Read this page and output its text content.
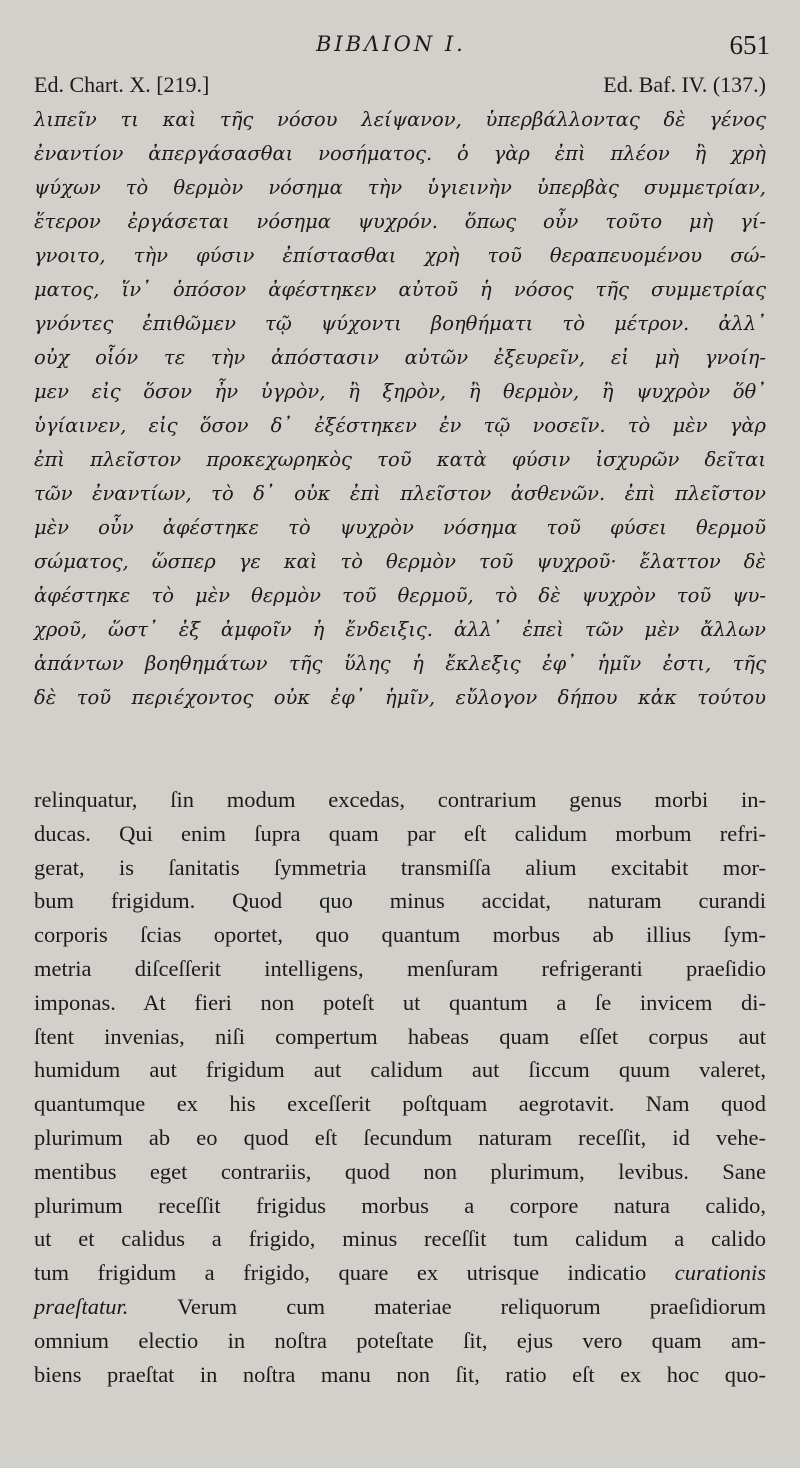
ΒΙΒΛΙΟΝ Ι.	651
Ed. Chart. X. [219.]	Ed. Baf. IV. (137.)
λιπεῖν τι καὶ τῆς νόσου λείψανον, ὑπερβάλλοντας δὲ γένος
ἐναντίον ἀπεργάσασθαι νοσήματος. ὁ γὰρ ἐπὶ πλέον ἢ χρὴ
ψύχων τὸ θερμὸν νόσημα τὴν ὑγιεινὴν ὑπερβὰς συμμετρίαν,
ἕτερον ἐργάσεται νόσημα ψυχρόν. ὅπως οὖν τοῦτο μὴ γί-
γνοιτο, τὴν φύσιν ἐπίστασθαι χρὴ τοῦ θεραπευομένου σώ-
ματος, ἵν᾽ ὁπόσον ἀφέστηκεν αὐτοῦ ἡ νόσος τῆς συμμετρίας
γνόντες ἐπιθῶμεν τῷ ψύχοντι βοηθήματι τὸ μέτρον. ἀλλ᾽
οὐχ οἷόν τε τὴν ἀπόστασιν αὐτῶν ἐξευρεῖν, εἰ μὴ γνοίη-
μεν εἰς ὅσον ἦν ὑγρὸν, ἢ ξηρὸν, ἢ θερμὸν, ἢ ψυχρὸν ὅθ᾽
ὑγίαινεν, εἰς ὅσον δ᾽ ἐξέστηκεν ἐν τῷ νοσεῖν. τὸ μὲν γὰρ
ἐπὶ πλεῖστον προκεχωρηκὸς τοῦ κατὰ φύσιν ἰσχυρῶν δεῖται
τῶν ἐναντίων, τὸ δ᾽ οὐκ ἐπὶ πλεῖστον ἀσθενῶν. ἐπὶ πλεῖστον
μὲν οὖν ἀφέστηκε τὸ ψυχρὸν νόσημα τοῦ φύσει θερμοῦ
σώματος, ὥσπερ γε καὶ τὸ θερμὸν τοῦ ψυχροῦ· ἔλαττον δὲ
ἀφέστηκε τὸ μὲν θερμὸν τοῦ θερμοῦ, τὸ δὲ ψυχρὸν τοῦ ψυ-
χροῦ, ὥστ᾽ ἐξ ἀμφοῖν ἡ ἔνδειξις. ἀλλ᾽ ἐπεὶ τῶν μὲν ἄλλων
ἁπάντων βοηθημάτων τῆς ὕλης ἡ ἔκλεξις ἐφ᾽ ἡμῖν ἐστι, τῆς
δὲ τοῦ περιέχοντος οὐκ ἐφ᾽ ἡμῖν, εὔλογον δήπου κἀκ τούτου
relinquatur, ſin modum excedas, contrarium genus morbi in-
ducas. Qui enim ſupra quam par eſt calidum morbum refri-
gerat, is ſanitatis ſymmetria transmiſſa alium excitabit mor-
bum frigidum. Quod quo minus accidat, naturam curandi
corporis ſcias oportet, quo quantum morbus ab illius ſym-
metria diſceſſerit intelligens, menſuram refrigeranti praeſidio
imponas. At fieri non poteſt ut quantum a ſe invicem di-
ſtent invenias, niſi compertum habeas quam eſſet corpus aut
humidum aut frigidum aut calidum aut ſiccum quum valeret,
quantumque ex his exceſſerit poſtquam aegrotavit. Nam quod
plurimum ab eo quod eſt ſecundum naturam receſſit, id vehe-
mentibus eget contrariis, quod non plurimum, levibus. Sane
plurimum receſſit frigidus morbus a corpore natura calido,
ut et calidus a frigido, minus receſſit tum calidum a calido
tum frigidum a frigido, quare ex utrisque indicatio curationis
praeſtatur. Verum cum materiae reliquorum praeſidiorum
omnium electio in noſtra poteſtate ſit, ejus vero quam am-
biens praeſtat in noſtra manu non ſit, ratio eſt ex hoc quo-
